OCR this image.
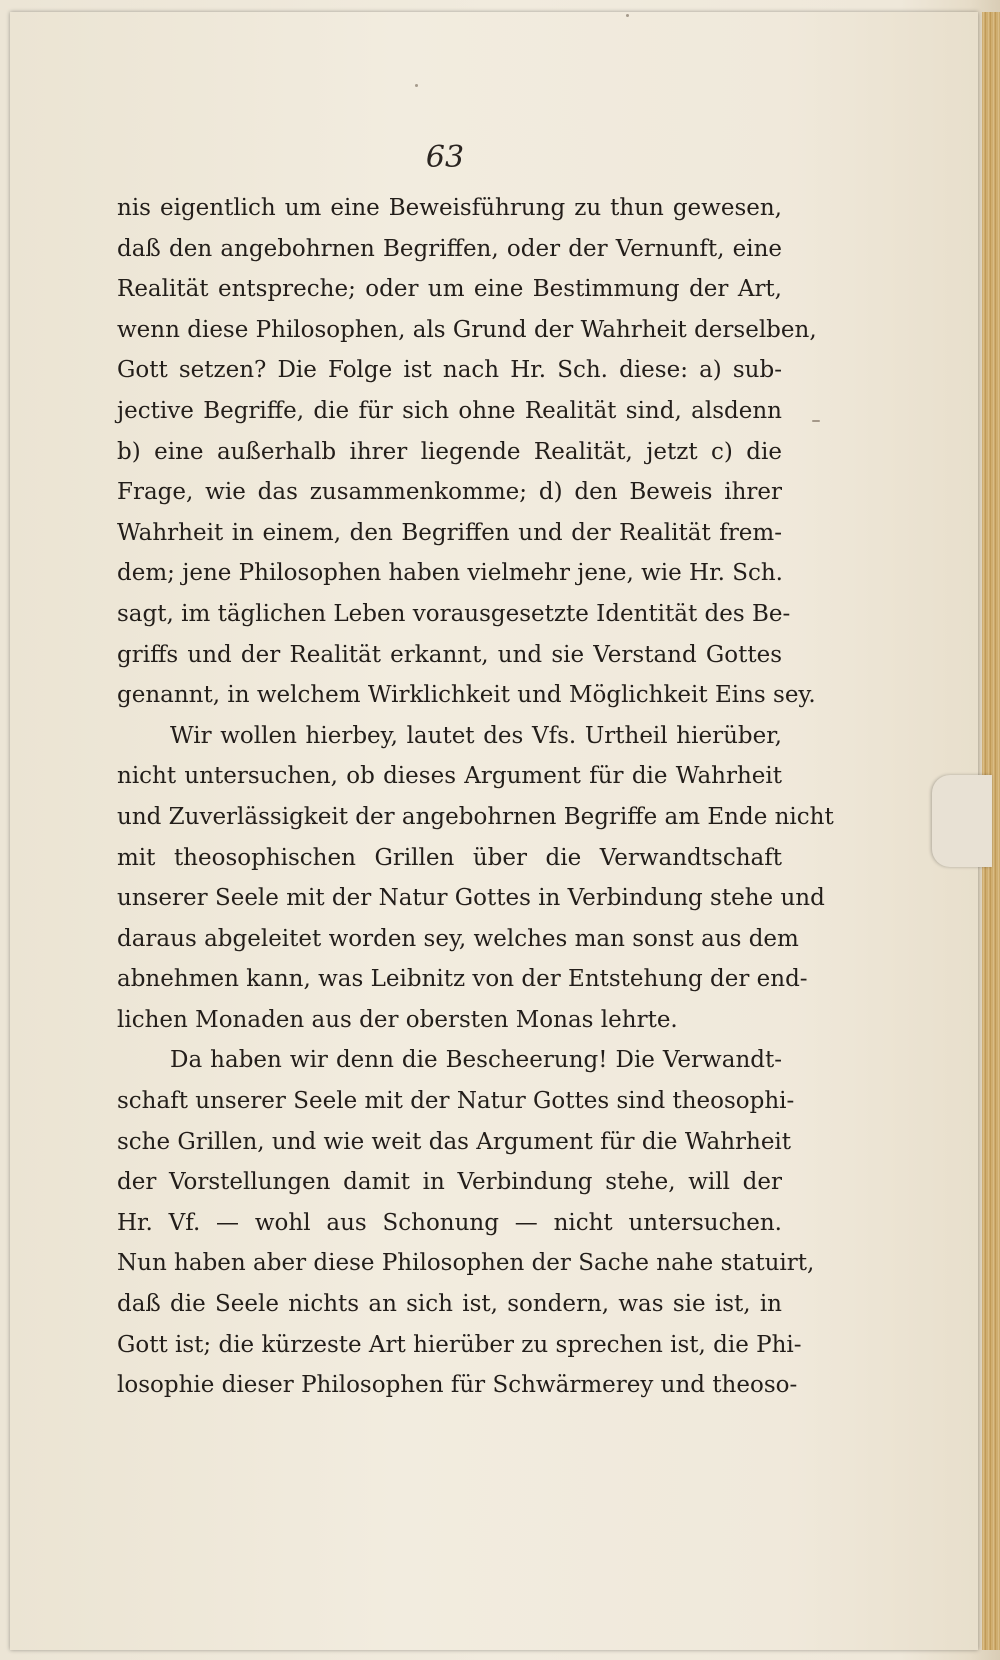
63
nis eigentlich um eine Beweisführung zu thun gewesen,
daß den angebohrnen Begriffen, oder der Vernunft, eine
Realität entspreche; oder um eine Bestimmung der Art,
wenn diese Philosophen, als Grund der Wahrheit derselben,
Gott setzen? Die Folge ist nach Hr. Sch. diese: a) sub-
jective Begriffe, die für sich ohne Realität sind, alsdenn
b) eine außerhalb ihrer liegende Realität, jetzt c) die
Frage, wie das zusammenkomme; d) den Beweis ihrer
Wahrheit in einem, den Begriffen und der Realität frem-
dem; jene Philosophen haben vielmehr jene, wie Hr. Sch.
sagt, im täglichen Leben vorausgesetzte Identität des Be-
griffs und der Realität erkannt, und sie Verstand Gottes
genannt, in welchem Wirklichkeit und Möglichkeit Eins sey.
Wir wollen hierbey, lautet des Vfs. Urtheil hierüber,
nicht untersuchen, ob dieses Argument für die Wahrheit
und Zuverlässigkeit der angebohrnen Begriffe am Ende nicht
mit theosophischen Grillen über die Verwandtschaft
unserer Seele mit der Natur Gottes in Verbindung stehe und
daraus abgeleitet worden sey, welches man sonst aus dem
abnehmen kann, was Leibnitz von der Entstehung der end-
lichen Monaden aus der obersten Monas lehrte.
Da haben wir denn die Bescheerung! Die Verwandt-
schaft unserer Seele mit der Natur Gottes sind theosophi-
sche Grillen, und wie weit das Argument für die Wahrheit
der Vorstellungen damit in Verbindung stehe, will der
Hr. Vf. — wohl aus Schonung — nicht untersuchen.
Nun haben aber diese Philosophen der Sache nahe statuirt,
daß die Seele nichts an sich ist, sondern, was sie ist, in
Gott ist; die kürzeste Art hierüber zu sprechen ist, die Phi-
losophie dieser Philosophen für Schwärmerey und theoso-
